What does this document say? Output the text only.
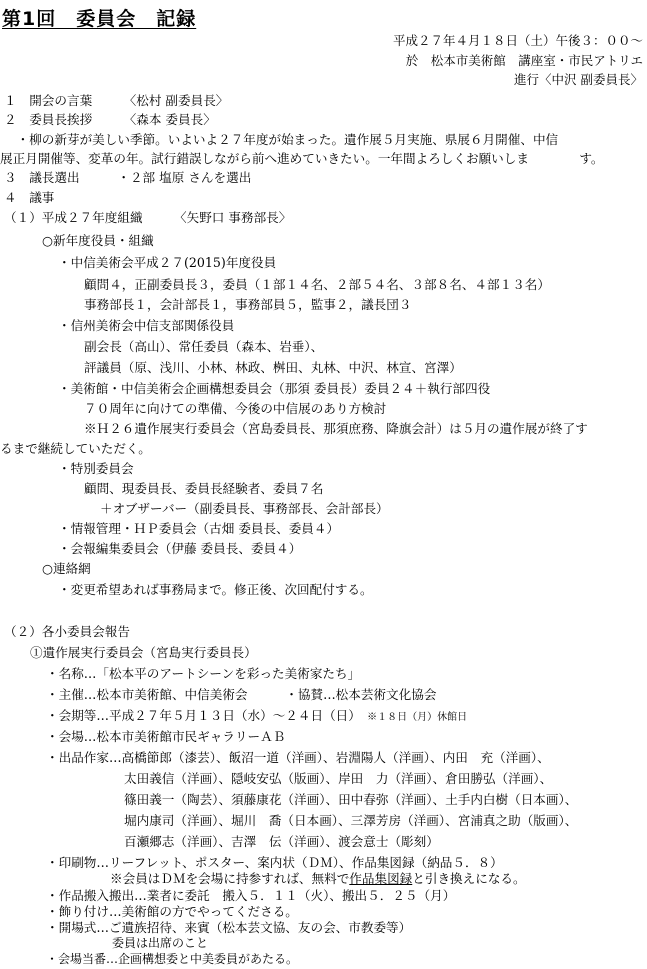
第1回　委員会　記録
平成２７年４月１８日（土）午後３：００〜
於　松本市美術館　講座室・市民アトリエ
進行〈中沢 副委員長〉
１　開会の言葉　　　〈松村 副委員長〉
２　委員長挨拶　　　〈森本 委員長〉
　・柳の新芽が美しい季節。いよいよ２７年度が始まった。遺作展５月実施、県展６月開催、中信
展正月開催等、変革の年。試行錯誤しながら前へ進めていきたい。一年間よろしくお願いしま　　　　す。
３　議長選出　　　・２部 塩原 さんを選出
４　議事
（１）平成２７年度組織　　　〈矢野口 事務部長〉
○新年度役員・組織
・中信美術会平成２７(2015)年度役員
顧問４，正副委員長３，委員（１部１４名、２部５４名、３部８名、４部１３名）
事務部長１，会計部長１，事務部員５，監事２，議長団３
・信州美術会中信支部関係役員
副会長（高山）、常任委員（森本、岩垂）、
評議員（原、浅川、小林、林政、桝田、丸林、中沢、林宣、宮澤）
・美術館・中信美術会企画構想委員会（那須 委員長）委員２４＋執行部四役
７０周年に向けての準備、今後の中信展のあり方検討
※Ｈ２６遺作展実行委員会（宮島委員長、那須庶務、降旗会計）は５月の遺作展が終了す
るまで継続していただく。
・特別委員会
顧問、現委員長、委員長経験者、委員７名
＋オブザーバー（副委員長、事務部長、会計部長）
・情報管理・ＨＰ委員会（古畑 委員長、委員４）
・会報編集委員会（伊藤 委員長、委員４）
○連絡網
・変更希望あれば事務局まで。修正後、次回配付する。
（２）各小委員会報告
①遺作展実行委員会（宮島実行委員長）
・名称…「松本平のアートシーンを彩った美術家たち」
・主催…松本市美術館、中信美術会　　　・協賛…松本芸術文化協会
・会期等…平成２７年５月１３日（水）〜２４日（日）　※１８日（月）休館日
・会場…松本市美術館市民ギャラリーＡＢ
・出品作家…高橋節郎（漆芸）、飯沼一道（洋画）、岩淵陽人（洋画）、内田　充（洋画）、
太田義信（洋画）、隠岐安弘（版画）、岸田　力（洋画）、倉田勝弘（洋画）、
篠田義一（陶芸）、須藤康花（洋画）、田中春弥（洋画）、土手内白樹（日本画）、
堀内康司（洋画）、堀川　喬（日本画）、三澤芳房（洋画）、宮浦真之助（版画）、
百瀬郷志（洋画）、吉澤　伝（洋画）、渡会意士（彫刻）
・印刷物…リーフレット、ポスター、案内状（ＤＭ）、作品集図録（納品５．８）
※会員はＤＭを会場に持参すれば、無料で作品集図録と引き換えになる。
・作品搬入搬出…業者に委託　搬入５．１１（火）、搬出５．２５（月）
・飾り付け…美術館の方でやってくださる。
・開場式…ご遺族招待、来賓（松本芸文協、友の会、市教委等）
委員は出席のこと
・会場当番…企画構想委と中美委員があたる。
